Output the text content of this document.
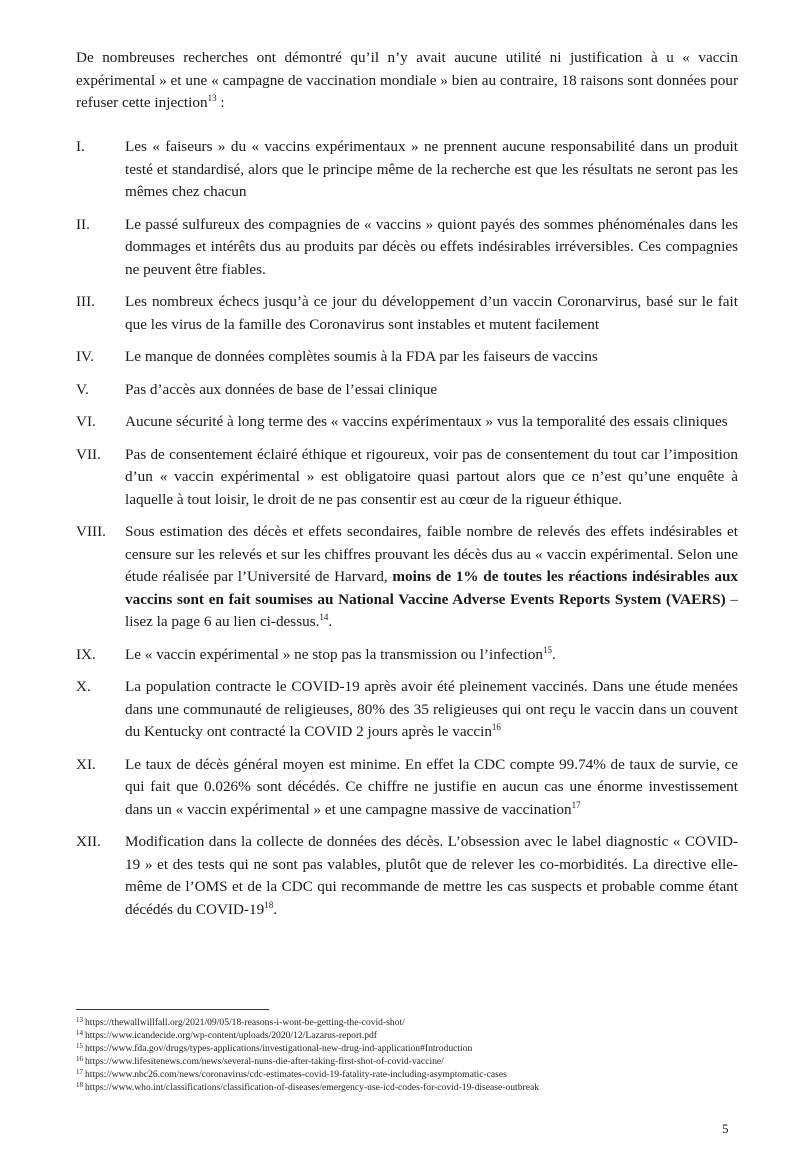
De nombreuses recherches ont démontré qu’il n’y avait aucune utilité ni justification à u « vaccin expérimental » et une « campagne de vaccination mondiale » bien au contraire, 18 raisons sont données pour refuser cette injection$^{13}$ :

I.	Les « faiseurs » du « vaccins expérimentaux » ne prennent aucune responsabilité dans un produit testé et standardisé, alors que le principe même de la recherche est que les résultats ne seront pas les mêmes chez chacun
II.	Le passé sulfureux des compagnies de « vaccins » quiont payés des sommes phénoménales dans les dommages et intérêts dus au produits par décès ou effets indésirables irréversibles. Ces compagnies ne peuvent être fiables.
III.	Les nombreux échecs jusqu’à ce jour du développement d’un vaccin Coronarvirus, basé sur le fait que les virus de la famille des Coronavirus sont instables et mutent facilement
IV.	Le manque de données complètes soumis à la FDA par les faiseurs de vaccins
V.	Pas d’accès aux données de base de l’essai clinique
VI.	Aucune sécurité à long terme des « vaccins expérimentaux » vus la temporalité des essais cliniques
VII.	Pas de consentement éclairé éthique et rigoureux, voir pas de consentement du tout car l’imposition d’un « vaccin expérimental » est obligatoire quasi partout alors que ce n’est qu’une enquête à laquelle à tout loisir, le droit de ne pas consentir est au cœur de la rigueur éthique.
VIII.	Sous estimation des décès et effets secondaires, faible nombre de relevés des effets indésirables et censure sur les relevés et sur les chiffres prouvant les décès dus au « vaccin expérimental. Selon une étude réalisée par l’Université de Harvard, moins de 1% de toutes les réactions indésirables aux vaccins sont en fait soumises au National Vaccine Adverse Events Reports System (VAERS) – lisez la page 6 au lien ci-dessus.$^{14}$.
IX.	Le « vaccin expérimental » ne stop pas la transmission ou l’infection$^{15}$.
X.	La population contracte le COVID-19 après avoir été pleinement vaccinés. Dans une étude menées dans une communauté de religieuses, 80% des 35 religieuses qui ont reçu le vaccin dans un couvent du Kentucky ont contracté la COVID 2 jours après le vaccin$^{16}$
XI.	Le taux de décès général moyen est minime. En effet la CDC compte 99.74% de taux de survie, ce qui fait que 0.026% sont décédés. Ce chiffre ne justifie en aucun cas une énorme investissement dans un « vaccin expérimental » et une campagne massive de vaccination$^{17}$
XII.	Modification dans la collecte de données des décès. L’obsession avec le label diagnostic « COVID-19 » et des tests qui ne sont pas valables, plutôt que de relever les co-morbidités. La directive elle-même de l’OMS et de la CDC qui recommande de mettre les cas suspects et probable comme étant décédés du COVID-$19^{18}$.
$^{13}$ https://thewallwillfall.org/2021/09/05/18-reasons-i-wont-be-getting-the-covid-shot/
$^{14}$ https://www.icandecide.org/wp-content/uploads/2020/12/Lazarus-report.pdf
$^{15}$ https://www.fda.gov/drugs/types-applications/investigational-new-drug-ind-application#Introduction
$^{16}$ https://www.lifesitenews.com/news/several-nuns-die-after-taking-first-shot-of-covid-vaccine/
$^{17}$ https://www.nbc26.com/news/coronavirus/cdc-estimates-covid-19-fatality-rate-including-asymptomatic-cases
$^{18}$ https://www.who.int/classifications/classification-of-diseases/emergency-use-icd-codes-for-covid-19-disease-outbreak
5
